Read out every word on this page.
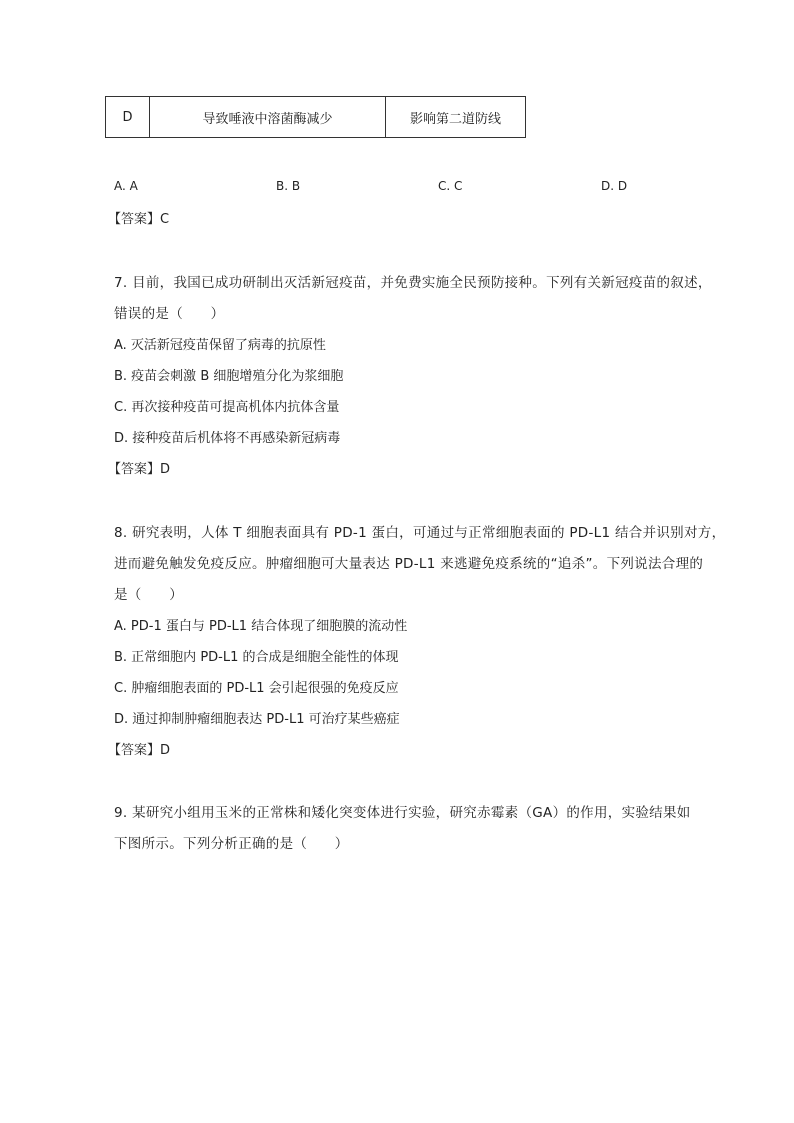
D	导致唾液中溶菌酶减少	影响第二道防线
A. A	B. B	C. C	D. D
【答案】C
7. 目前，我国已成功研制出灭活新冠疫苗，并免费实施全民预防接种。下列有关新冠疫苗的叙述，
错误的是（　　）
A. 灭活新冠疫苗保留了病毒的抗原性
B. 疫苗会刺激 B 细胞增殖分化为浆细胞
C. 再次接种疫苗可提高机体内抗体含量
D. 接种疫苗后机体将不再感染新冠病毒
【答案】D
8. 研究表明，人体 T 细胞表面具有 PD-1 蛋白，可通过与正常细胞表面的 PD-L1 结合并识别对方，
进而避免触发免疫反应。肿瘤细胞可大量表达 PD-L1 来逃避免疫系统的“追杀”。下列说法合理的
是（　　）
A. PD-1 蛋白与 PD-L1 结合体现了细胞膜的流动性
B. 正常细胞内 PD-L1 的合成是细胞全能性的体现
C. 肿瘤细胞表面的 PD-L1 会引起很强的免疫反应
D. 通过抑制肿瘤细胞表达 PD-L1 可治疗某些癌症
【答案】D
9. 某研究小组用玉米的正常株和矮化突变体进行实验，研究赤霉素（GA）的作用，实验结果如
下图所示。下列分析正确的是（　　）
